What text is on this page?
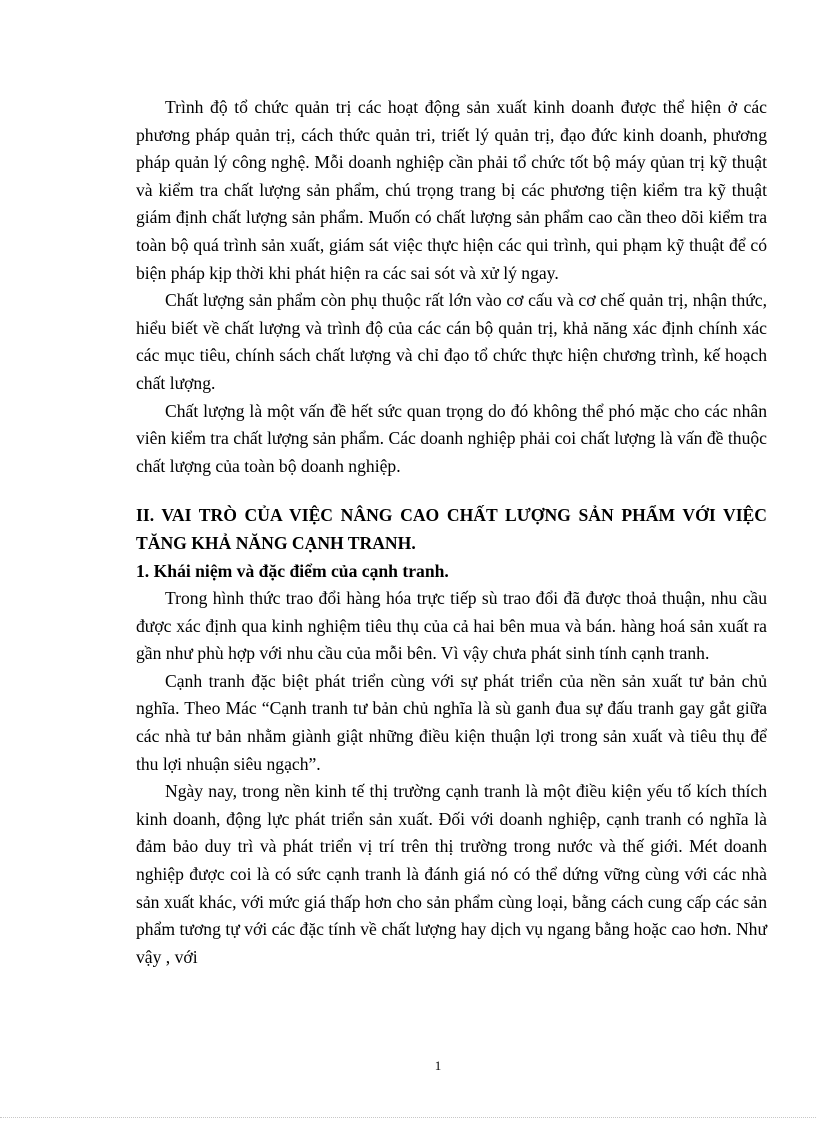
Trình độ tổ chức quản trị các hoạt động sản xuất kinh doanh được thể hiện ở các phương pháp quản trị, cách thức quản tri, triết lý quản trị, đạo đức kinh doanh, phương pháp quản lý công nghệ. Mỗi doanh nghiệp cần phải tổ chức tốt bộ máy qủan trị kỹ thuật và kiểm tra chất lượng sản phẩm, chú trọng trang bị các phương tiện kiểm tra kỹ thuật giám định chất lượng sản phẩm. Muốn có chất lượng sản phẩm cao cần theo dõi kiểm tra toàn bộ quá trình sản xuất, giám sát việc thực hiện các qui trình, qui phạm kỹ thuật để có biện pháp kịp thời khi phát hiện ra các sai sót và xử lý ngay.

Chất lượng sản phẩm còn phụ thuộc rất lớn vào cơ cấu và cơ chế quản trị, nhận thức, hiểu biết về chất lượng và trình độ của các cán bộ quản trị, khả năng xác định chính xác các mục tiêu, chính sách chất lượng và chỉ đạo tổ chức thực hiện chương trình, kế hoạch chất lượng.

Chất lượng là một vấn đề hết sức quan trọng do đó không thể phó mặc cho các nhân viên kiểm tra chất lượng sản phẩm. Các doanh nghiệp phải coi chất lượng là vấn đề thuộc chất lượng của toàn bộ doanh nghiệp.

II. VAI TRÒ CỦA VIỆC NÂNG CAO CHẤT LƯỢNG SẢN PHẨM VỚI VIỆC TĂNG KHẢ NĂNG CẠNH TRANH.
1. Khái niệm và đặc điểm của cạnh tranh.

Trong hình thức trao đổi hàng hóa trực tiếp sù trao đổi đã được thoả thuận, nhu cầu được xác định qua kinh nghiệm tiêu thụ của cả hai bên mua và bán. hàng hoá sản xuất ra gần như phù hợp với nhu cầu của mỗi bên. Vì vậy chưa phát sinh tính cạnh tranh.

Cạnh tranh đặc biệt phát triển cùng với sự phát triển của nền sản xuất tư bản chủ nghĩa. Theo Mác “Cạnh tranh tư bản chủ nghĩa là sù ganh đua sự đấu tranh gay gắt giữa các nhà tư bản nhằm giành giật những điều kiện thuận lợi trong sản xuất và tiêu thụ để thu lợi nhuận siêu ngạch”.

Ngày nay, trong nền kinh tế thị trường cạnh tranh là một điều kiện yếu tố kích thích kinh doanh, động lực phát triển sản xuất. Đối với doanh nghiệp, cạnh tranh có nghĩa là đảm bảo duy trì và phát triển vị trí trên thị trường trong nước và thế giới. Mét doanh nghiệp được coi là có sức cạnh tranh là đánh giá nó có thể dứng vững cùng với các nhà sản xuất khác, với mức giá thấp hơn cho sản phẩm cùng loại, bằng cách cung cấp các sản phẩm tương tự với các đặc tính về chất lượng hay dịch vụ ngang bằng hoặc cao hơn. Như vậy , với

1
